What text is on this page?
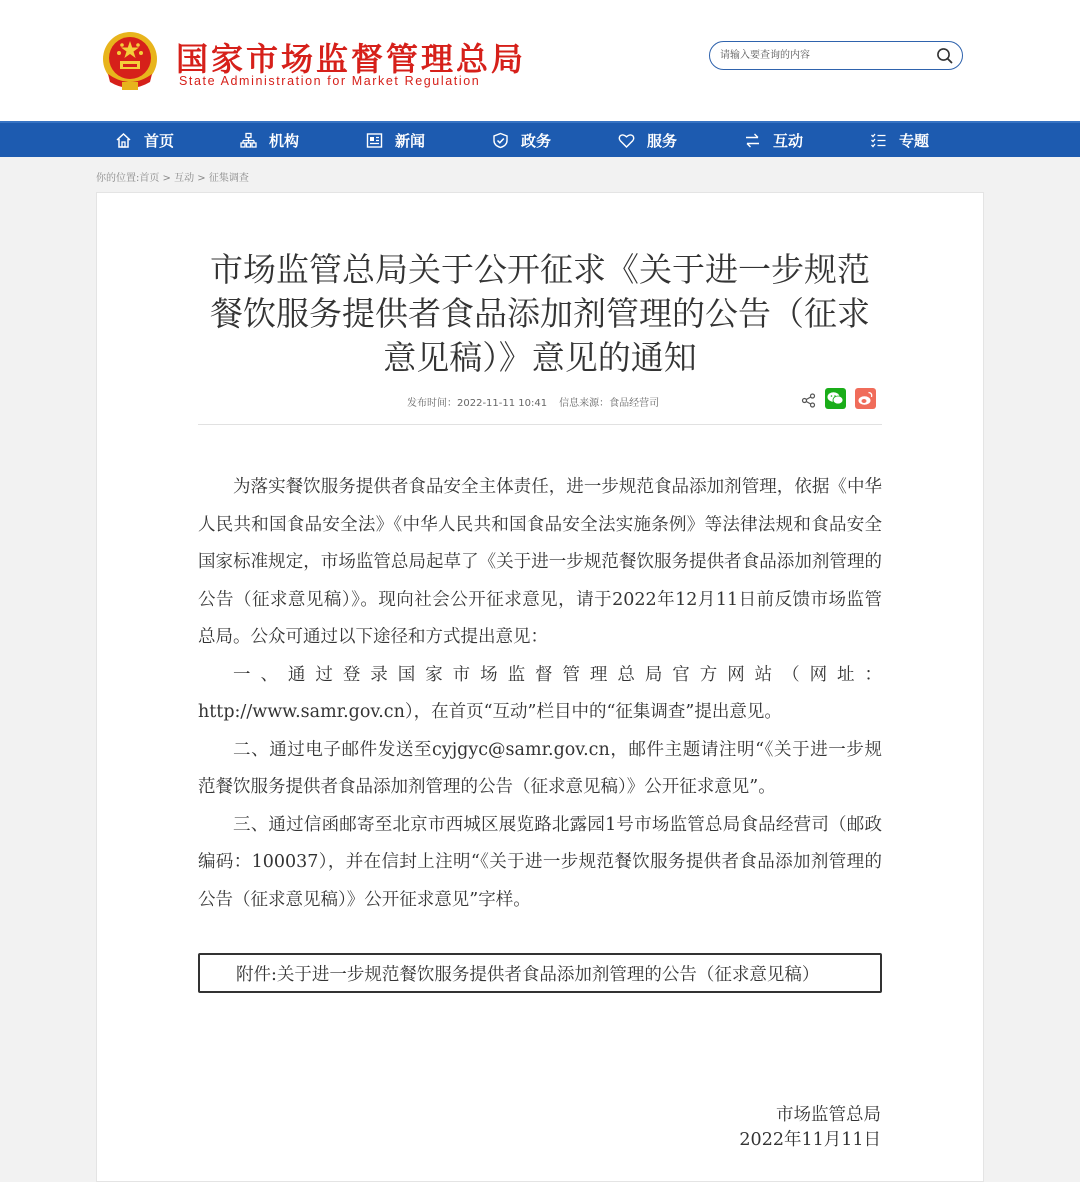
国家市场监督管理总局
State Administration for Market Regulation
请输入要查询的内容
首页	机构	新闻	政务	服务	互动	专题
你的位置:首页 > 互动 > 征集调查
市场监管总局关于公开征求《关于进一步规范餐饮服务提供者食品添加剂管理的公告（征求意见稿）》意见的通知
发布时间：2022-11-11 10:41 信息来源：食品经营司

为落实餐饮服务提供者食品安全主体责任，进一步规范食品添加剂管理，依据《中华人民共和国食品安全法》《中华人民共和国食品安全法实施条例》等法律法规和食品安全国家标准规定，市场监管总局起草了《关于进一步规范餐饮服务提供者食品添加剂管理的公告（征求意见稿）》。现向社会公开征求意见，请于2022年12月11日前反馈市场监管总局。公众可通过以下途径和方式提出意见：

一、通过登录国家市场监督管理总局官方网站（网址：http://www.samr.gov.cn），在首页“互动”栏目中的“征集调查”提出意见。

二、通过电子邮件发送至cyjgyc@samr.gov.cn，邮件主题请注明“《关于进一步规范餐饮服务提供者食品添加剂管理的公告（征求意见稿）》公开征求意见”。

三、通过信函邮寄至北京市西城区展览路北露园1号市场监管总局食品经营司（邮政编码：100037），并在信封上注明“《关于进一步规范餐饮服务提供者食品添加剂管理的公告（征求意见稿）》公开征求意见”字样。

附件:关于进一步规范餐饮服务提供者食品添加剂管理的公告（征求意见稿）
市场监管总局
2022年11月11日
